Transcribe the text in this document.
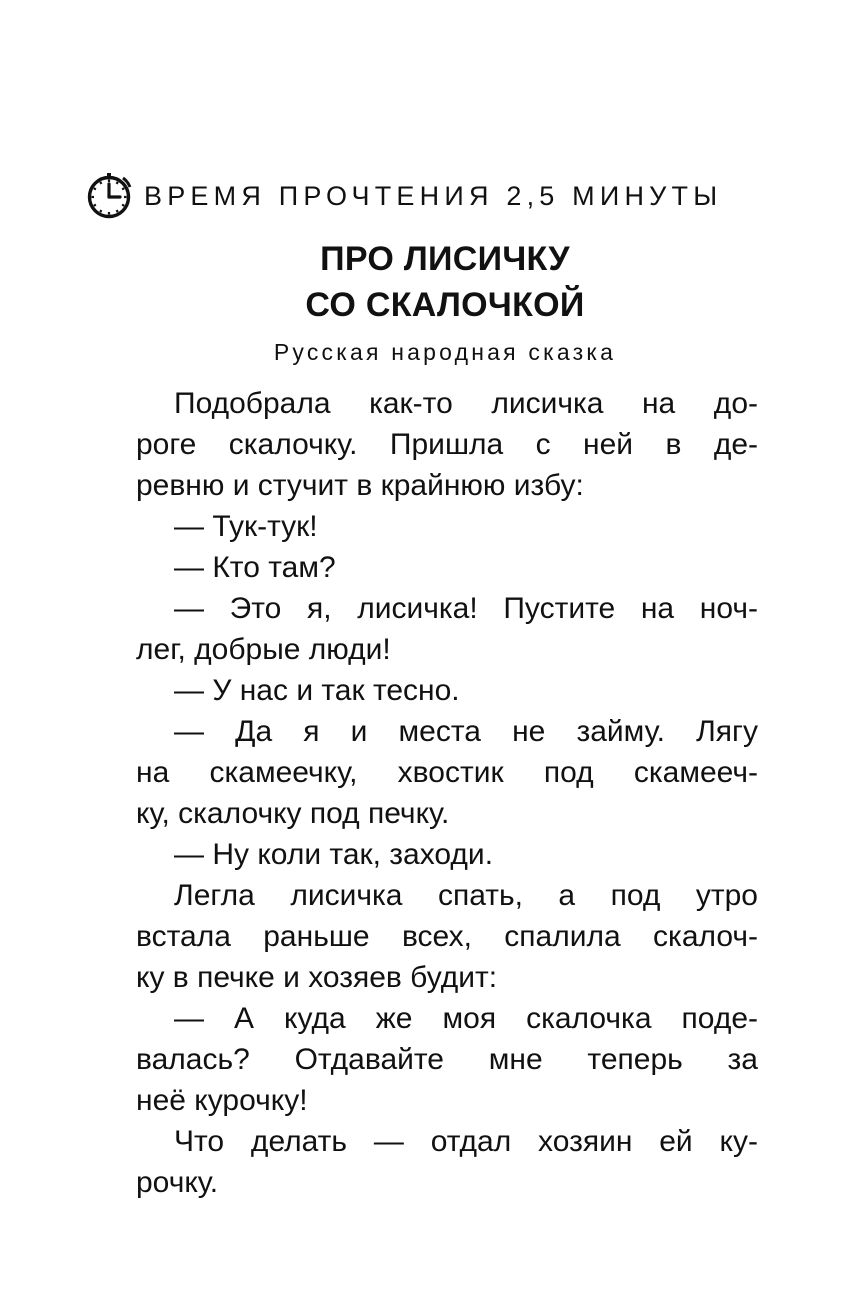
ВРЕМЯ ПРОЧТЕНИЯ 2,5 МИНУТЫ
ПРО ЛИСИЧКУ
СО СКАЛОЧКОЙ
Русская народная сказка
Подобрала как-то лисичка на до-
роге скалочку. Пришла с ней в де-
ревню и стучит в крайнюю избу:
— Тук-тук!
— Кто там?
— Это я, лисичка! Пустите на ноч-
лег, добрые люди!
— У нас и так тесно.
— Да я и места не займу. Лягу
на скамеечку, хвостик под скамееч-
ку, скалочку под печку.
— Ну коли так, заходи.
Легла лисичка спать, а под утро
встала раньше всех, спалила скалоч-
ку в печке и хозяев будит:
— А куда же моя скалочка поде-
валась? Отдавайте мне теперь за
неё курочку!
Что делать — отдал хозяин ей ку-
рочку.
